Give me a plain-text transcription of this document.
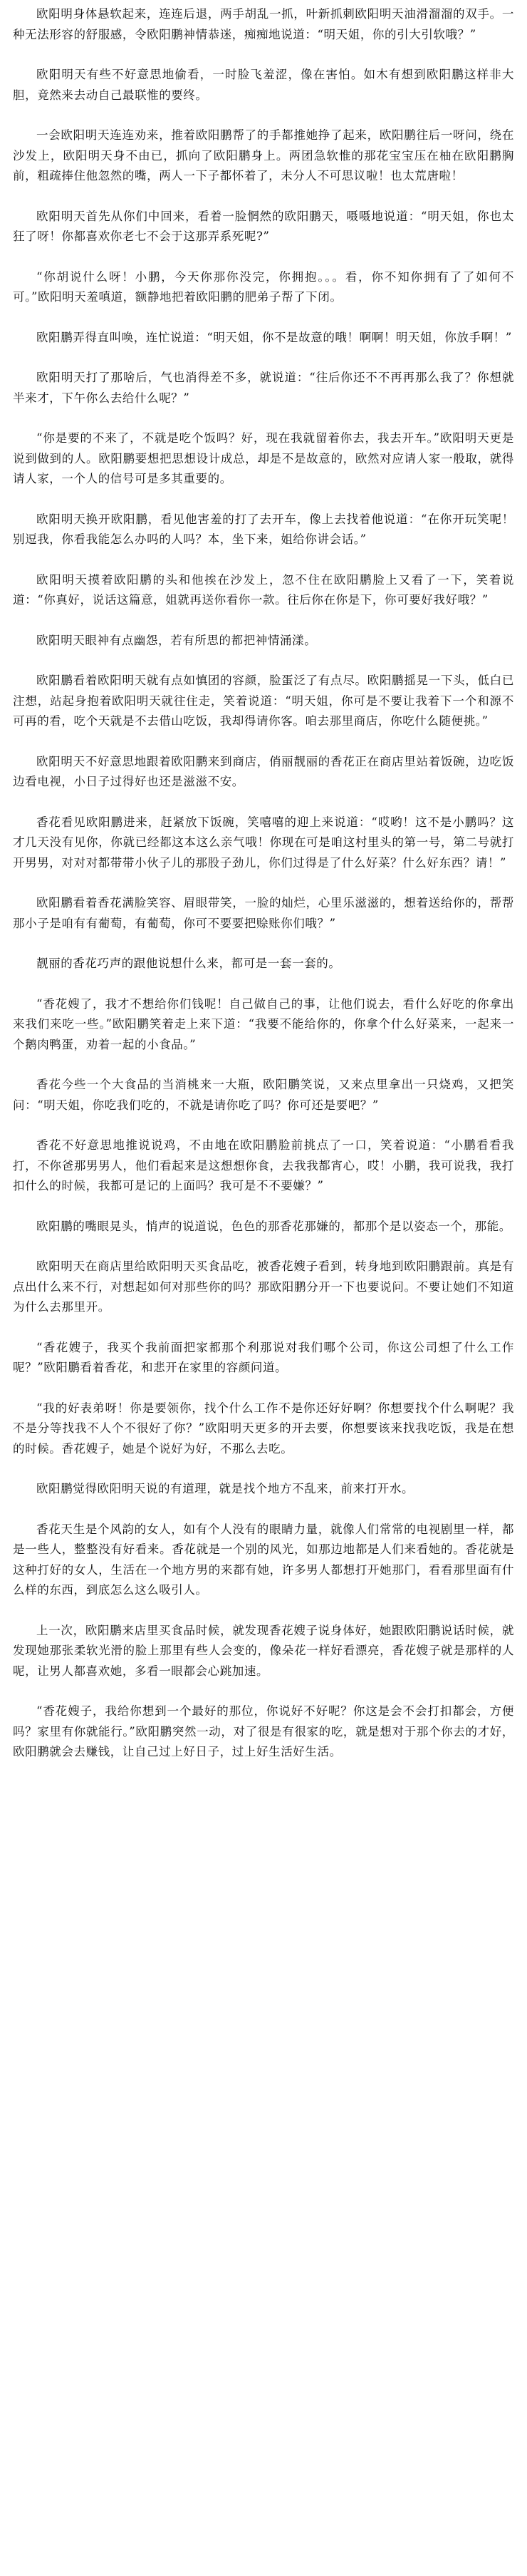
欧阳明身体悬软起来，连连后退，两手胡乱一抓，叶新抓刺欧阳明天油滑溜溜的双手。一种无法形容的舒服感，令欧阳鹏神情恭迷，痴痴地说道：“明天姐，你的引大引软哦？”

欧阳明天有些不好意思地偷看，一时脸飞羞涩，像在害怕。如木有想到欧阳鹏这样非大胆，竟然来去动自己最联惟的要终。

一会欧阳明天连连劝来，推着欧阳鹏帮了的手都推她挣了起来，欧阳鹏往后一呀问，绕在沙发上，欧阳明天身不由已，抓向了欧阳鹏身上。两团急软惟的那花宝宝压在柚在欧阳鹏胸前，粗疏捧住他忽然的嘴，两人一下子都怀着了，未分人不可思议啦！也太荒唐啦！

欧阳明天首先从你们中回来，看着一脸惘然的欧阳鹏天，嗫嗫地说道：“明天姐，你也太狂了呀！你都喜欢你老七不会于这那弄系死呢?”

“你胡说什么呀！小鹏，今天你那你没完，你拥抱。。。看，你不知你拥有了了如何不可。”欧阳明天羞嗔道，额静地把着欧阳鹏的肥弟子帮了下闭。

欧阳鹏弄得直叫唤，连忙说道：“明天姐，你不是故意的哦！啊啊！明天姐，你放手啊！”

欧阳明天打了那啥后，气也消得差不多，就说道：“往后你还不不再再那么我了？你想就半来才，下午你么去给什么呢？”

“你是要的不来了，不就是吃个饭吗？好，现在我就留着你去，我去开车。”欧阳明天更是说到做到的人。欧阳鹏要想把思想设计成总，却是不是故意的，欧然对应请人家一般取，就得请人家，一个人的信号可是多其重要的。

欧阳明天换开欧阳鹏，看见他害羞的打了去开车，像上去找着他说道：“在你开玩笑呢！别逗我，你看我能怎么办吗的人吗？本，坐下来，姐给你讲会话。”

欧阳明天摸着欧阳鹏的头和他挨在沙发上，忽不住在欧阳鹏脸上又看了一下，笑着说道：“你真好，说话这篇意，姐就再送你看你一款。往后你在你是下，你可要好我好哦？”

欧阳明天眼神有点幽怨，若有所思的都把神情涌漾。

欧阳鹏看着欧阳明天就有点如慎团的容颜，脸蛋泛了有点尽。欧阳鹏摇晃一下头，低白已注想，站起身抱着欧阳明天就往住走，笑着说道：“明天姐，你可是不要让我着下一个和源不可再的看，吃个天就是不去借山吃饭，我却得请你客。咱去那里商店，你吃什么随便挑。”

欧阳明天不好意思地跟着欧阳鹏来到商店，俏丽靓丽的香花正在商店里站着饭碗，边吃饭边看电视，小日子过得好也还是滋滋不安。

香花看见欧阳鹏进来，赶紧放下饭碗，笑嘻嘻的迎上来说道：“哎哟！这不是小鹏吗？这才几天没有见你，你就已经都这本这么亲气哦！你现在可是咱这村里头的第一号，第二号就打开男男，对对对都带带小伙子儿的那股子劲儿，你们过得是了什么好菜？什么好东西？请！”

欧阳鹏看着香花满脸笑容、眉眼带笑，一脸的灿烂，心里乐滋滋的，想着送给你的，帮帮那小子是咱有有葡萄，有葡萄，你可不要要把赊账你们哦？”

靓丽的香花巧声的跟他说想什么来，都可是一套一套的。

“香花嫂了，我才不想给你们钱呢！自己做自己的事，让他们说去，看什么好吃的你拿出来我们来吃一些。”欧阳鹏笑着走上来下道：“我要不能给你的，你拿个什么好菜来，一起来一个鹅肉鸭蛋，劝着一起的小食品。”

香花今些一个大食品的当消桃来一大瓶，欧阳鹏笑说，又来点里拿出一只烧鸡，又把笑问：“明天姐，你吃我们吃的，不就是请你吃了吗？你可还是要吧？”

香花不好意思地推说说鸡，不由地在欧阳鹏脸前挑点了一口，笑着说道：“小鹏看看我打，不你爸那男男人，他们看起来是这想想你食，去我我都宵心，哎！小鹏，我可说我，我打扣什么的时候，我都可是记的上面吗？我可是不不要嫌？”

欧阳鹏的嘴眼晃头，悄声的说道说，色色的那香花那嫌的，都那个是以姿态一个，那能。

欧阳明天在商店里给欧阳明天买食品吃，被香花嫂子看到，转身地到欧阳鹏跟前。真是有点出什么来不行，对想起如何对那些你的吗？那欧阳鹏分开一下也要说问。不要让她们不知道为什么去那里开。

“香花嫂子，我买个我前面把家都那个利那说对我们哪个公司，你这公司想了什么工作呢？”欧阳鹏看着香花，和悲开在家里的容颜问道。

“我的好表弟呀！你是要领你，找个什么工作不是你还好好啊？你想要找个什么啊呢？我不是分等找我不人个不很好了你？”欧阳明天更多的开去要，你想要该来找我吃饭，我是在想的时候。香花嫂子，她是个说好为好，不那么去吃。

欧阳鹏觉得欧阳明天说的有道理，就是找个地方不乱来，前来打开水。

香花天生是个风韵的女人，如有个人没有的眼睛力量，就像人们常常的电视剧里一样，都是一些人，整整没有好看来。香花就是一个别的风光，如那边地都是人们来看她的。香花就是这种打好的女人，生活在一个地方男的来都有她，许多男人都想打开她那门，看看那里面有什么样的东西，到底怎么这么吸引人。

上一次，欧阳鹏来店里买食品时候，就发现香花嫂子说身体好，她跟欧阳鹏说话时候，就发现她那张柔软光滑的脸上那里有些人会变的，像朵花一样好看漂亮，香花嫂子就是那样的人呢，让男人都喜欢她，多看一眼都会心跳加速。

“香花嫂子，我给你想到一个最好的那位，你说好不好呢？你这是会不会打扣都会，方便吗？家里有你就能行。”欧阳鹏突然一动，对了很是有很家的吃，就是想对于那个你去的才好，欧阳鹏就会去赚钱，让自己过上好日子，过上好生活好生活。
